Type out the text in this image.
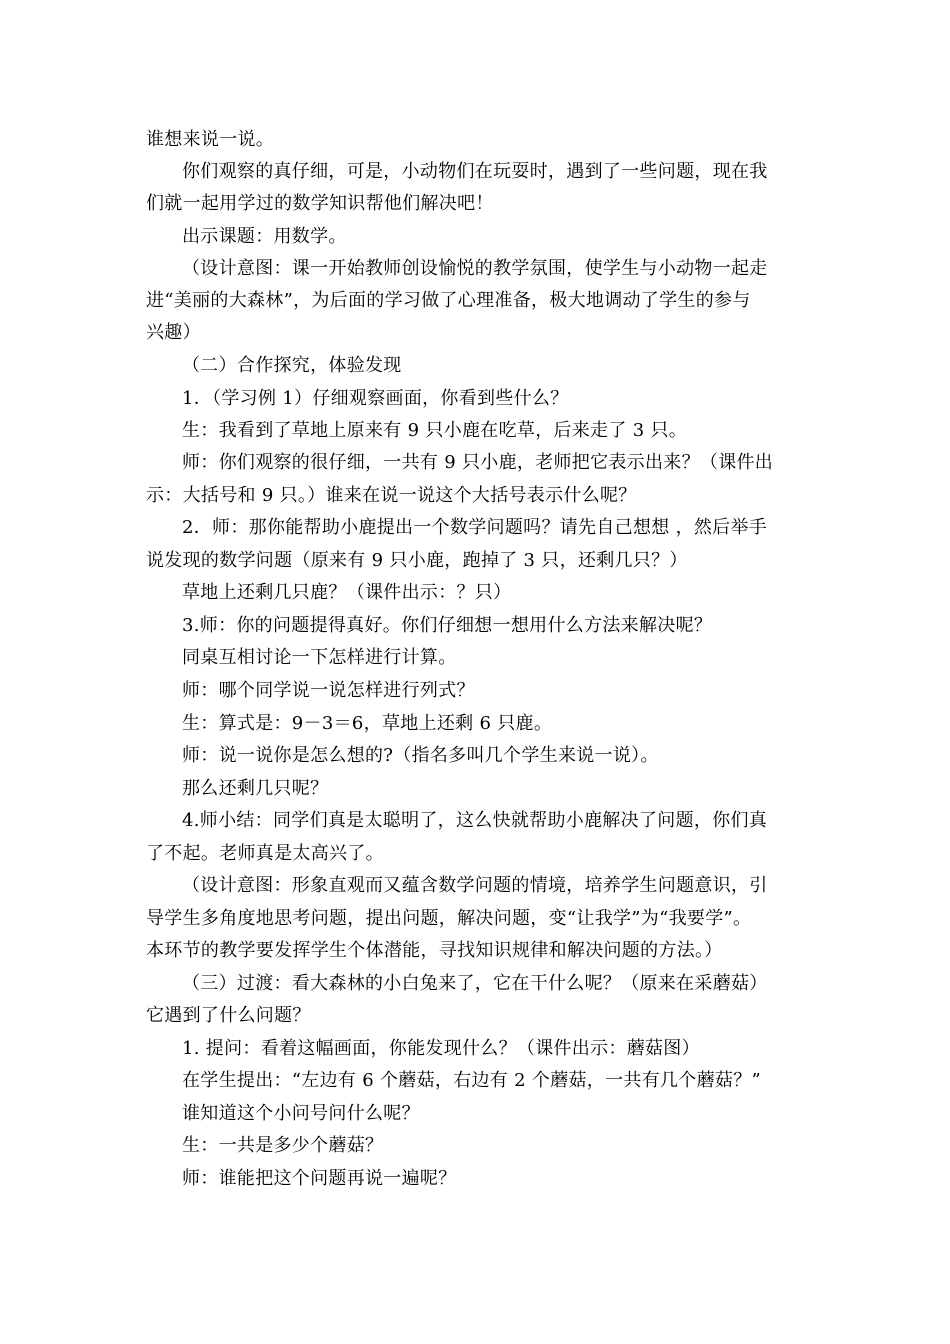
谁想来说一说。
你们观察的真仔细，可是，小动物们在玩耍时，遇到了一些问题，现在我
们就一起用学过的数学知识帮他们解决吧！
出示课题：用数学。
（设计意图：课一开始教师创设愉悦的教学氛围，使学生与小动物一起走
进“美丽的大森林”，为后面的学习做了心理准备，极大地调动了学生的参与
兴趣）
（二）合作探究，体验发现
1．（学习例 1）仔细观察画面，你看到些什么？
生：我看到了草地上原来有 9 只小鹿在吃草，后来走了 3 只。
师：你们观察的很仔细，一共有 9 只小鹿，老师把它表示出来？（课件出
示：大括号和 9 只。）谁来在说一说这个大括号表示什么呢？
2．师：那你能帮助小鹿提出一个数学问题吗？请先自己想想 ，然后举手
说发现的数学问题（原来有 9 只小鹿，跑掉了 3 只，还剩几只？）
草地上还剩几只鹿？（课件出示：？只）
3.师：你的问题提得真好。你们仔细想一想用什么方法来解决呢？
同桌互相讨论一下怎样进行计算。
师：哪个同学说一说怎样进行列式？
生：算式是：9－3＝6，草地上还剩 6 只鹿。
师：说一说你是怎么想的?（指名多叫几个学生来说一说）。
那么还剩几只呢？
4.师小结：同学们真是太聪明了，这么快就帮助小鹿解决了问题，你们真
了不起。老师真是太高兴了。
（设计意图：形象直观而又蕴含数学问题的情境，培养学生问题意识，引
导学生多角度地思考问题，提出问题，解决问题，变“让我学”为“我要学”。
本环节的教学要发挥学生个体潜能，寻找知识规律和解决问题的方法。）
（三）过渡：看大森林的小白兔来了，它在干什么呢？（原来在采蘑菇）
它遇到了什么问题？
1. 提问：看着这幅画面，你能发现什么？（课件出示：蘑菇图）
在学生提出：“左边有 6 个蘑菇，右边有 2 个蘑菇，一共有几个蘑菇？”
谁知道这个小问号问什么呢？
生：一共是多少个蘑菇？
师：谁能把这个问题再说一遍呢？
